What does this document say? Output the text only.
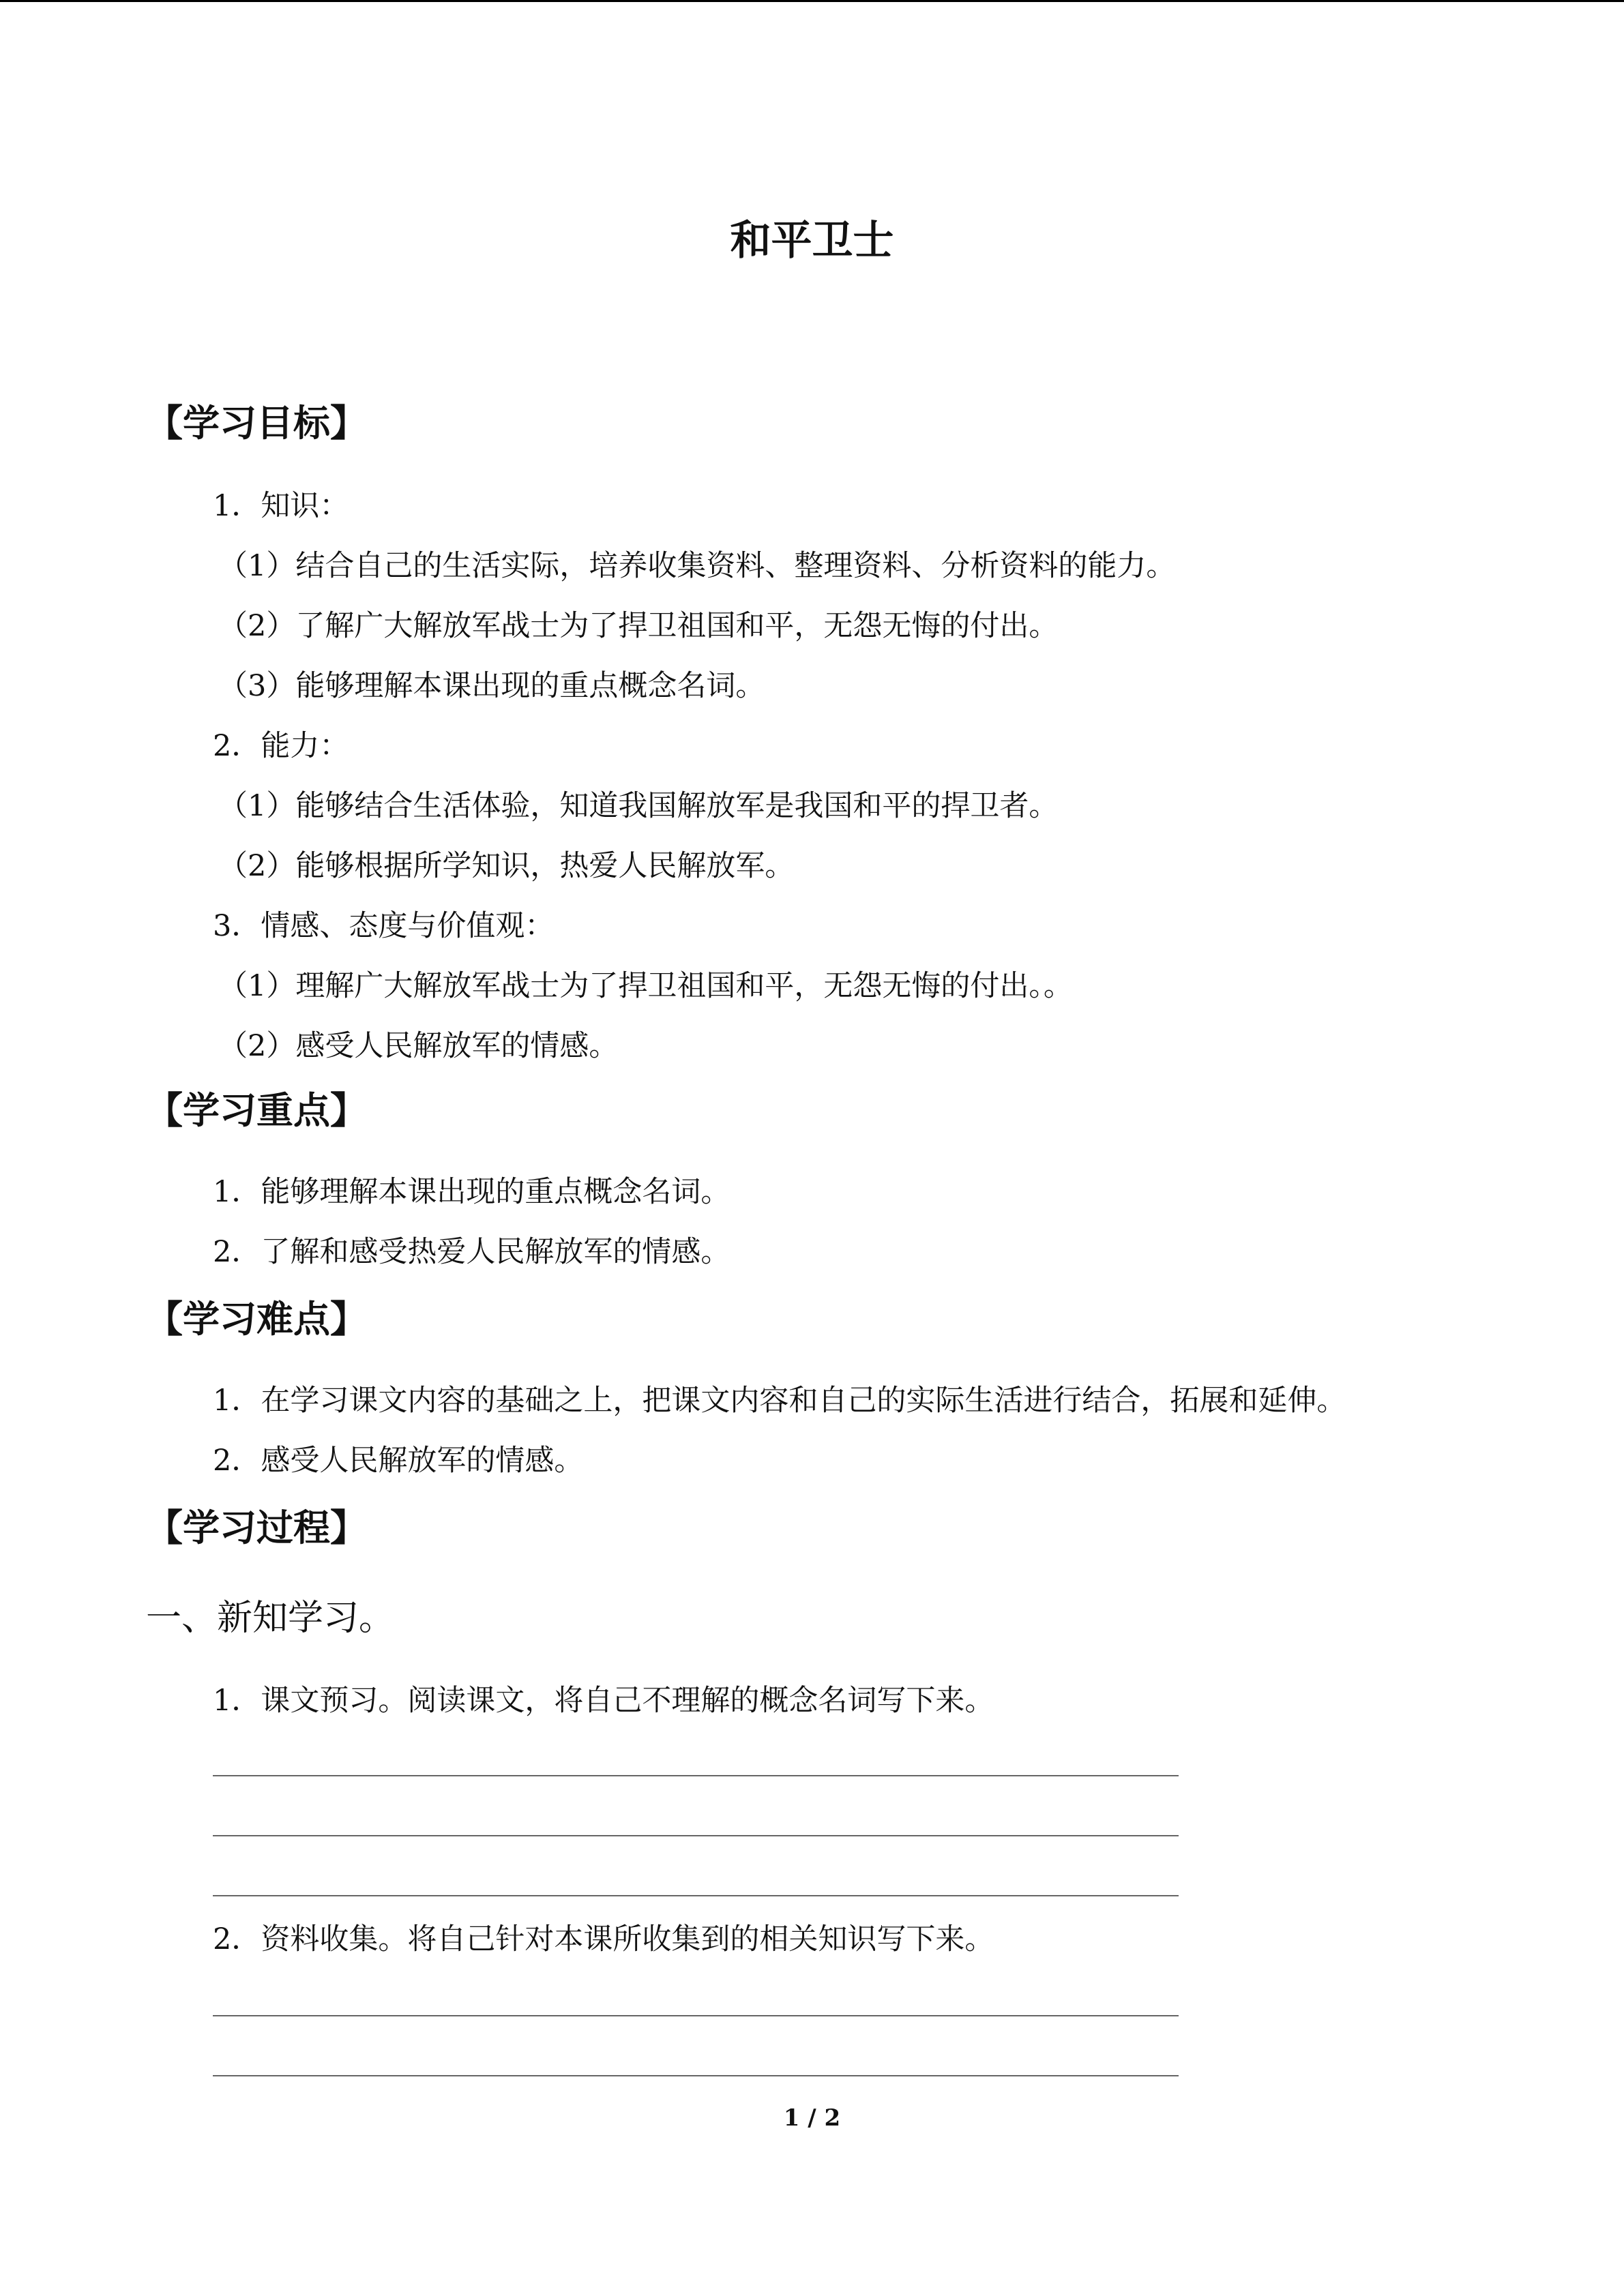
和平卫士
【学习目标】
1．知识：
（1）结合自己的生活实际，培养收集资料、整理资料、分析资料的能力。
（2）了解广大解放军战士为了捍卫祖国和平，无怨无悔的付出。
（3）能够理解本课出现的重点概念名词。
2．能力：
（1）能够结合生活体验，知道我国解放军是我国和平的捍卫者。
（2）能够根据所学知识，热爱人民解放军。
3．情感、态度与价值观：
（1）理解广大解放军战士为了捍卫祖国和平，无怨无悔的付出。。
（2）感受人民解放军的情感。
【学习重点】
1．能够理解本课出现的重点概念名词。
2．了解和感受热爱人民解放军的情感。
【学习难点】
1．在学习课文内容的基础之上，把课文内容和自己的实际生活进行结合，拓展和延伸。
2．感受人民解放军的情感。
【学习过程】
一、新知学习。
1．课文预习。阅读课文，将自己不理解的概念名词写下来。
2．资料收集。将自己针对本课所收集到的相关知识写下来。
1 / 2
